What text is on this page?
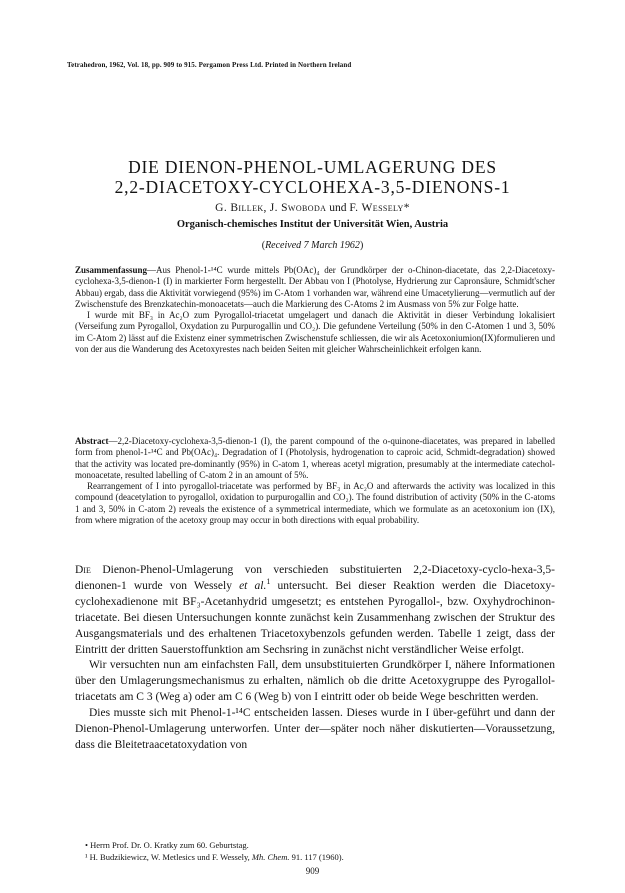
Tetrahedron, 1962, Vol. 18, pp. 909 to 915. Pergamon Press Ltd. Printed in Northern Ireland
DIE DIENON-PHENOL-UMLAGERUNG DES
2,2-DIACETOXY-CYCLOHEXA-3,5-DIENONS-1
G. Billek, J. Swoboda und F. Wessely*
Organisch-chemisches Institut der Universität Wien, Austria
(Received 7 March 1962)

Zusammenfassung—Aus Phenol-1-¹⁴C wurde mittels Pb(OAc)₄ der Grundkörper der o-Chinon-diacetate, das 2,2-Diacetoxy-cyclohexa-3,5-dienon-1 (I) in markierter Form hergestellt. Der Abbau von I (Photolyse, Hydrierung zur Capronsäure, Schmidt'scher Abbau) ergab, dass die Aktivität vorwiegend (95%) im C-Atom 1 vorhanden war, während eine Umacetylierung—vermutlich auf der Zwischenstufe des Brenzkatechin-monoacetats—auch die Markierung des C-Atoms 2 im Ausmass von 5% zur Folge hatte.

I wurde mit BF₃ in Ac₂O zum Pyrogallol-triacetat umgelagert und danach die Aktivität in dieser Verbindung lokalisiert (Verseifung zum Pyrogallol, Oxydation zu Purpurogallin und CO₂). Die gefundene Verteilung (50% in den C-Atomen 1 und 3, 50% im C-Atom 2) lässt auf die Existenz einer symmetrischen Zwischenstufe schliessen, die wir als Acetoxoniumion(IX)formulieren und von der aus die Wanderung des Acetoxyrestes nach beiden Seiten mit gleicher Wahrscheinlichkeit erfolgen kann.

Abstract—2,2-Diacetoxy-cyclohexa-3,5-dienon-1 (I), the parent compound of the o-quinone-diacetates, was prepared in labelled form from phenol-1-¹⁴C and Pb(OAc)₄. Degradation of I (Photolysis, hydrogenation to caproic acid, Schmidt-degradation) showed that the activity was located pre-dominantly (95%) in C-atom 1, whereas acetyl migration, presumably at the intermediate catechol-monoacetate, resulted labelling of C-atom 2 in an amount of 5%.

Rearrangement of I into pyrogallol-triacetate was performed by BF₃ in Ac₂O and afterwards the activity was localized in this compound (deacetylation to pyrogallol, oxidation to purpurogallin and CO₂). The found distribution of activity (50% in the C-atoms 1 and 3, 50% in C-atom 2) reveals the existence of a symmetrical intermediate, which we formulate as an acetoxonium ion (IX), from where migration of the acetoxy group may occur in both directions with equal probability.

Die Dienon-Phenol-Umlagerung von verschieden substituierten 2,2-Diacetoxy-cyclo-hexa-3,5-dienonen-1 wurde von Wessely et al.$^1$ untersucht. Bei dieser Reaktion werden die Diacetoxy-cyclohexadienone mit BF₃-Acetanhydrid umgesetzt; es entstehen Pyrogallol-, bzw. Oxyhydrochinon-triacetate. Bei diesen Untersuchungen konnte zunächst kein Zusammenhang zwischen der Struktur des Ausgangsmaterials und des erhaltenen Triacetoxybenzols gefunden werden. Tabelle 1 zeigt, dass der Eintritt der dritten Sauerstoffunktion am Sechsring in zunächst nicht verständlicher Weise erfolgt.

Wir versuchten nun am einfachsten Fall, dem unsubstituierten Grundkörper I, nähere Informationen über den Umlagerungsmechanismus zu erhalten, nämlich ob die dritte Acetoxygruppe des Pyrogallol-triacetats am C 3 (Weg a) oder am C 6 (Weg b) von I eintritt oder ob beide Wege beschritten werden.

Dies musste sich mit Phenol-1-¹⁴C entscheiden lassen. Dieses wurde in I über-geführt und dann der Dienon-Phenol-Umlagerung unterworfen. Unter der—später noch näher diskutierten—Voraussetzung, dass die Bleitetraacetatoxydation von

• Herrn Prof. Dr. O. Kratky zum 60. Geburtstag.

¹ H. Budzikiewicz, W. Metlesics und F. Wessely, Mh. Chem. 91. 117 (1960).

909
